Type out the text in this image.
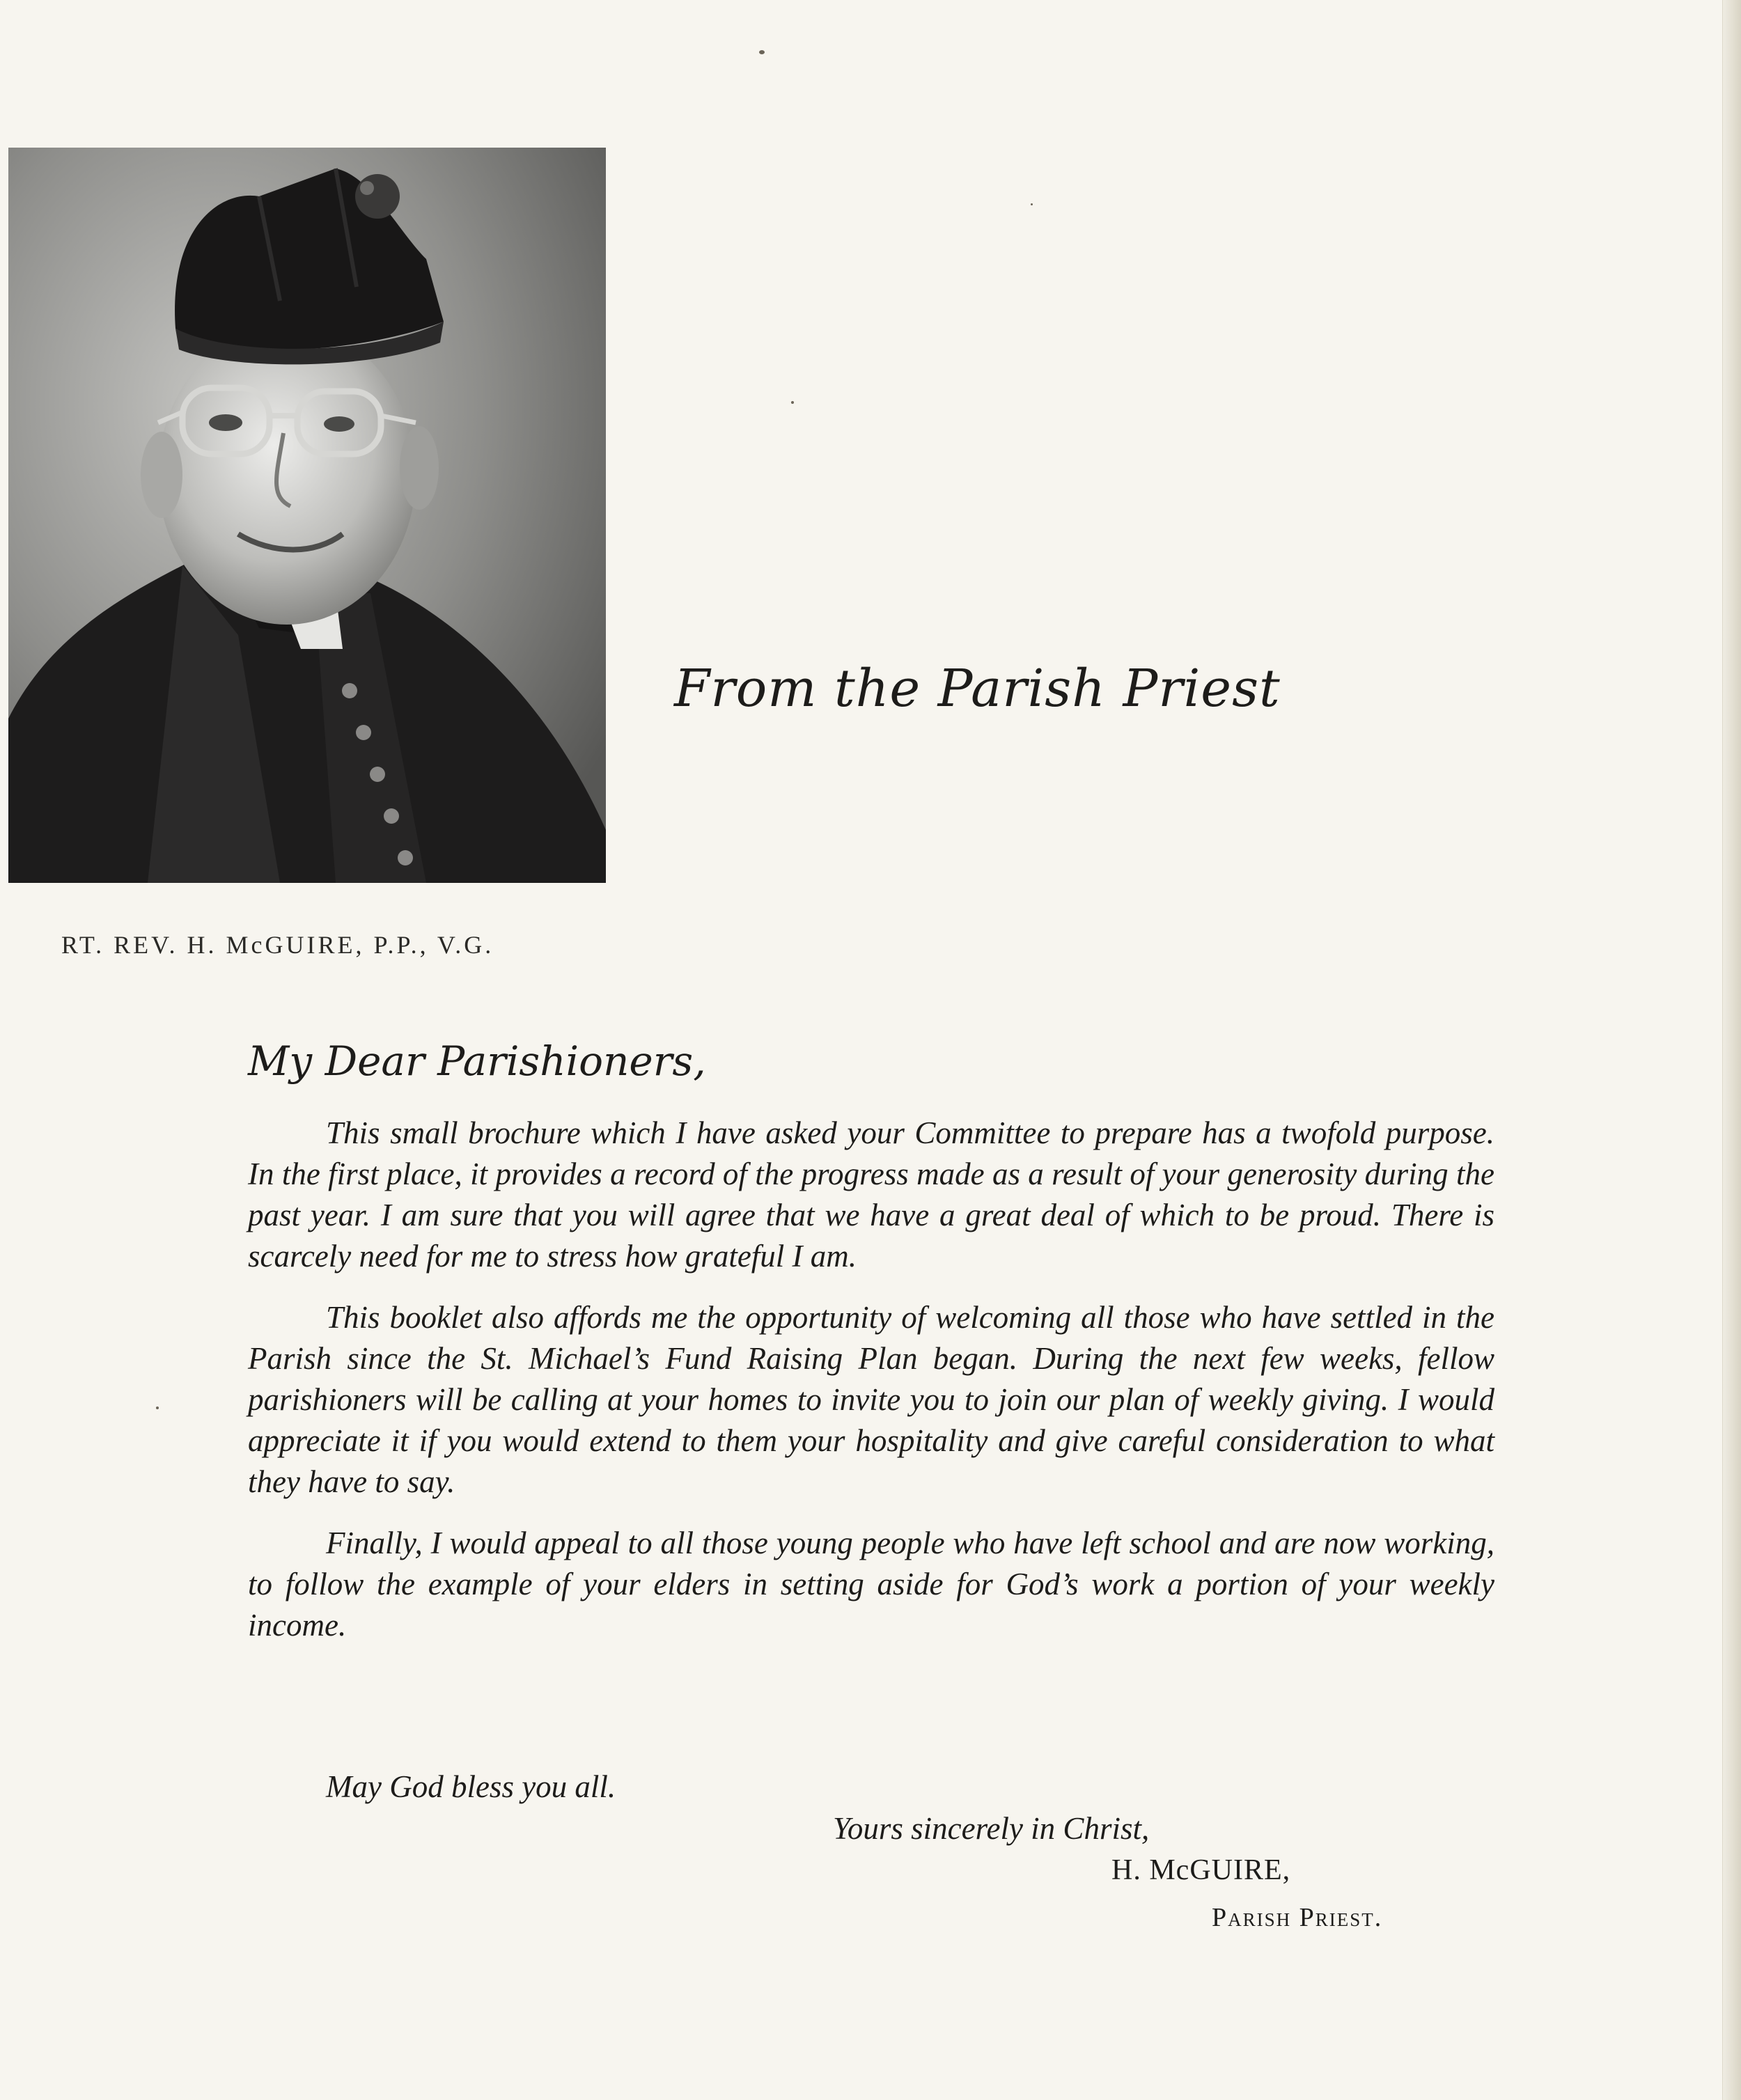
RT. REV. H. McGUIRE, P.P., V.G.
From the Parish Priest
My Dear Parishioners,

This small brochure which I have asked your Committee to prepare has a twofold purpose. In the first place, it provides a record of the progress made as a result of your generosity during the past year. I am sure that you will agree that we have a great deal of which to be proud. There is scarcely need for me to stress how grateful I am.

This booklet also affords me the opportunity of welcoming all those who have settled in the Parish since the St. Michael’s Fund Raising Plan began. During the next few weeks, fellow parishioners will be calling at your homes to invite you to join our plan of weekly giving. I would appreciate it if you would extend to them your hospitality and give careful consideration to what they have to say.

Finally, I would appeal to all those young people who have left school and are now working, to follow the example of your elders in setting aside for God’s work a portion of your weekly income.

May God bless you all.
Yours sincerely in Christ,
H. McGUIRE,
Parish Priest.
